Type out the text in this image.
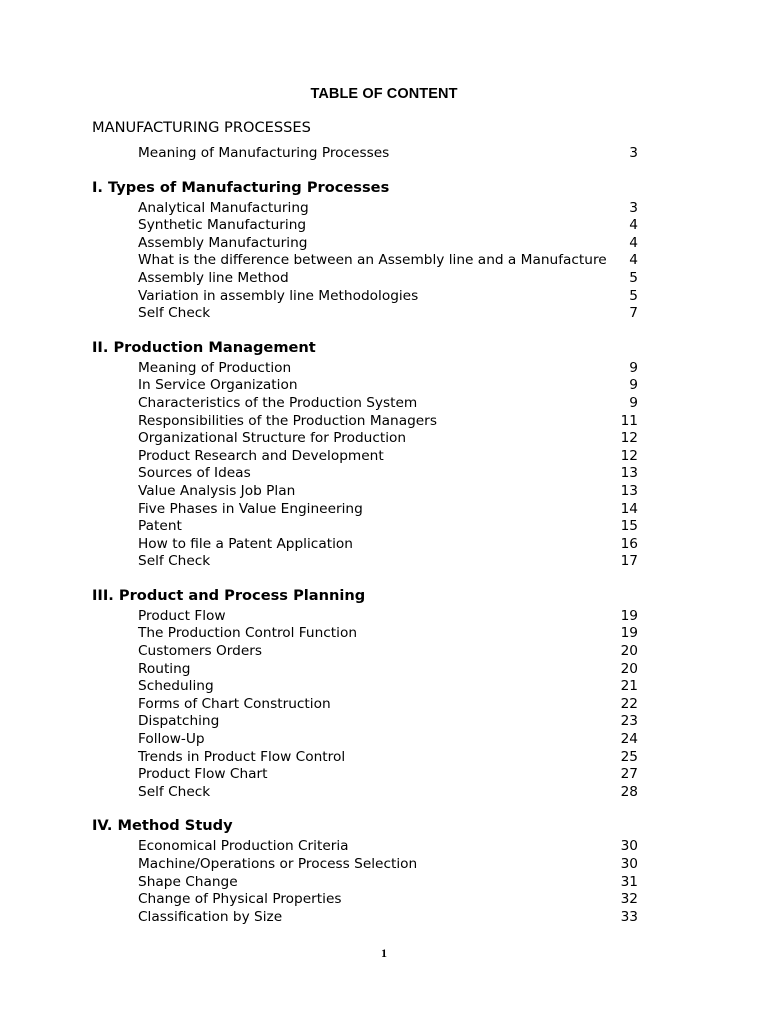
TABLE OF CONTENT
MANUFACTURING PROCESSES
Meaning of Manufacturing Processes	3
I. Types of Manufacturing Processes
Analytical Manufacturing	3
Synthetic Manufacturing	4
Assembly Manufacturing	4
What is the difference between an Assembly line and a Manufacture	4
Assembly line Method	5
Variation in assembly line Methodologies	5
Self Check	7
II. Production Management
Meaning of Production	9
In Service Organization	9
Characteristics of the Production System	9
Responsibilities of the Production Managers	11
Organizational Structure for Production	12
Product Research and Development	12
Sources of Ideas	13
Value Analysis Job Plan	13
Five Phases in Value Engineering	14
Patent	15
How to file a Patent Application	16
Self Check	17
III. Product and Process Planning
Product Flow	19
The Production Control Function	19
Customers Orders	20
Routing	20
Scheduling	21
Forms of Chart Construction	22
Dispatching	23
Follow-Up	24
Trends in Product Flow Control	25
Product Flow Chart	27
Self Check	28
IV. Method Study
Economical Production Criteria	30
Machine/Operations or Process Selection	30
Shape Change	31
Change of Physical Properties	32
Classification by Size	33
1
